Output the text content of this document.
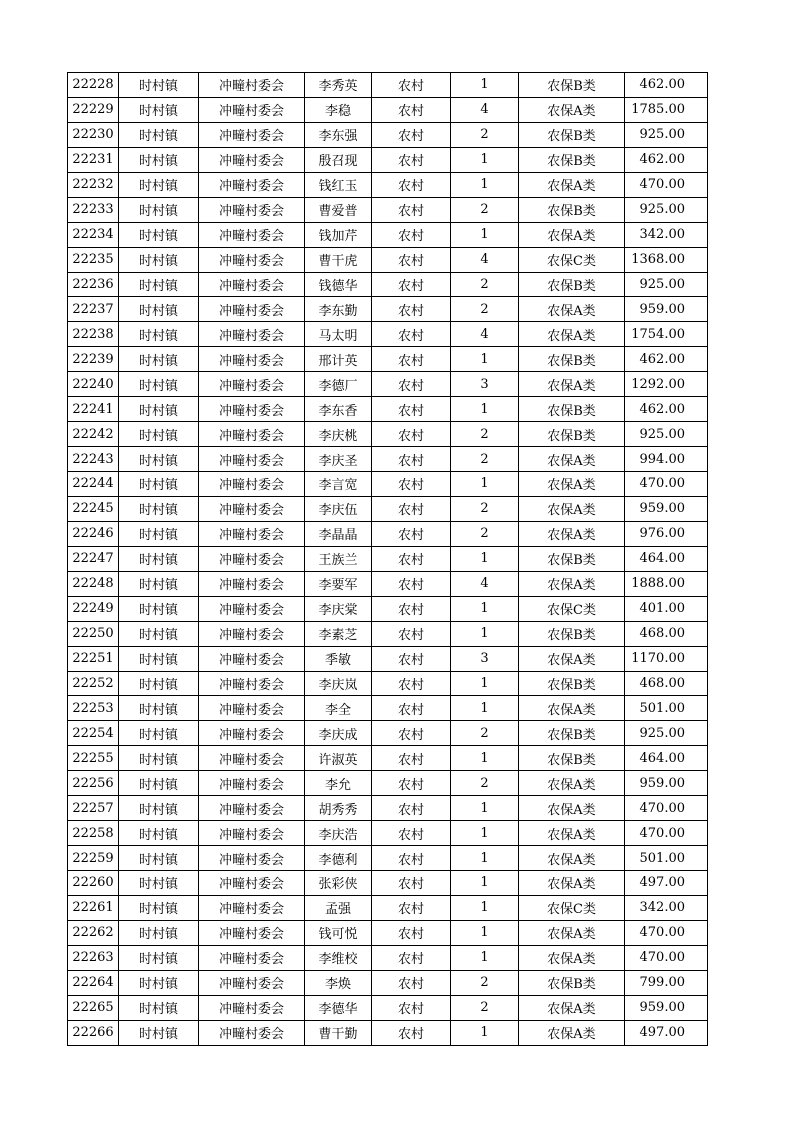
22228	时村镇	冲疃村委会	李秀英	农村	1	农保B类	462.00
22229	时村镇	冲疃村委会	李稳	农村	4	农保A类	1785.00
22230	时村镇	冲疃村委会	李东强	农村	2	农保B类	925.00
22231	时村镇	冲疃村委会	殷召现	农村	1	农保B类	462.00
22232	时村镇	冲疃村委会	钱红玉	农村	1	农保A类	470.00
22233	时村镇	冲疃村委会	曹爱普	农村	2	农保B类	925.00
22234	时村镇	冲疃村委会	钱加芹	农村	1	农保A类	342.00
22235	时村镇	冲疃村委会	曹干虎	农村	4	农保C类	1368.00
22236	时村镇	冲疃村委会	钱德华	农村	2	农保B类	925.00
22237	时村镇	冲疃村委会	李东勤	农村	2	农保A类	959.00
22238	时村镇	冲疃村委会	马太明	农村	4	农保A类	1754.00
22239	时村镇	冲疃村委会	邢计英	农村	1	农保B类	462.00
22240	时村镇	冲疃村委会	李德厂	农村	3	农保A类	1292.00
22241	时村镇	冲疃村委会	李东香	农村	1	农保B类	462.00
22242	时村镇	冲疃村委会	李庆桃	农村	2	农保B类	925.00
22243	时村镇	冲疃村委会	李庆圣	农村	2	农保A类	994.00
22244	时村镇	冲疃村委会	李言宽	农村	1	农保A类	470.00
22245	时村镇	冲疃村委会	李庆伍	农村	2	农保A类	959.00
22246	时村镇	冲疃村委会	李晶晶	农村	2	农保A类	976.00
22247	时村镇	冲疃村委会	王族兰	农村	1	农保B类	464.00
22248	时村镇	冲疃村委会	李要军	农村	4	农保A类	1888.00
22249	时村镇	冲疃村委会	李庆棠	农村	1	农保C类	401.00
22250	时村镇	冲疃村委会	李素芝	农村	1	农保B类	468.00
22251	时村镇	冲疃村委会	季敏	农村	3	农保A类	1170.00
22252	时村镇	冲疃村委会	李庆岚	农村	1	农保B类	468.00
22253	时村镇	冲疃村委会	李全	农村	1	农保A类	501.00
22254	时村镇	冲疃村委会	李庆成	农村	2	农保B类	925.00
22255	时村镇	冲疃村委会	许淑英	农村	1	农保B类	464.00
22256	时村镇	冲疃村委会	李允	农村	2	农保A类	959.00
22257	时村镇	冲疃村委会	胡秀秀	农村	1	农保A类	470.00
22258	时村镇	冲疃村委会	李庆浩	农村	1	农保A类	470.00
22259	时村镇	冲疃村委会	李德利	农村	1	农保A类	501.00
22260	时村镇	冲疃村委会	张彩侠	农村	1	农保A类	497.00
22261	时村镇	冲疃村委会	孟强	农村	1	农保C类	342.00
22262	时村镇	冲疃村委会	钱可悦	农村	1	农保A类	470.00
22263	时村镇	冲疃村委会	李维校	农村	1	农保A类	470.00
22264	时村镇	冲疃村委会	李焕	农村	2	农保B类	799.00
22265	时村镇	冲疃村委会	李德华	农村	2	农保A类	959.00
22266	时村镇	冲疃村委会	曹干勤	农村	1	农保A类	497.00
